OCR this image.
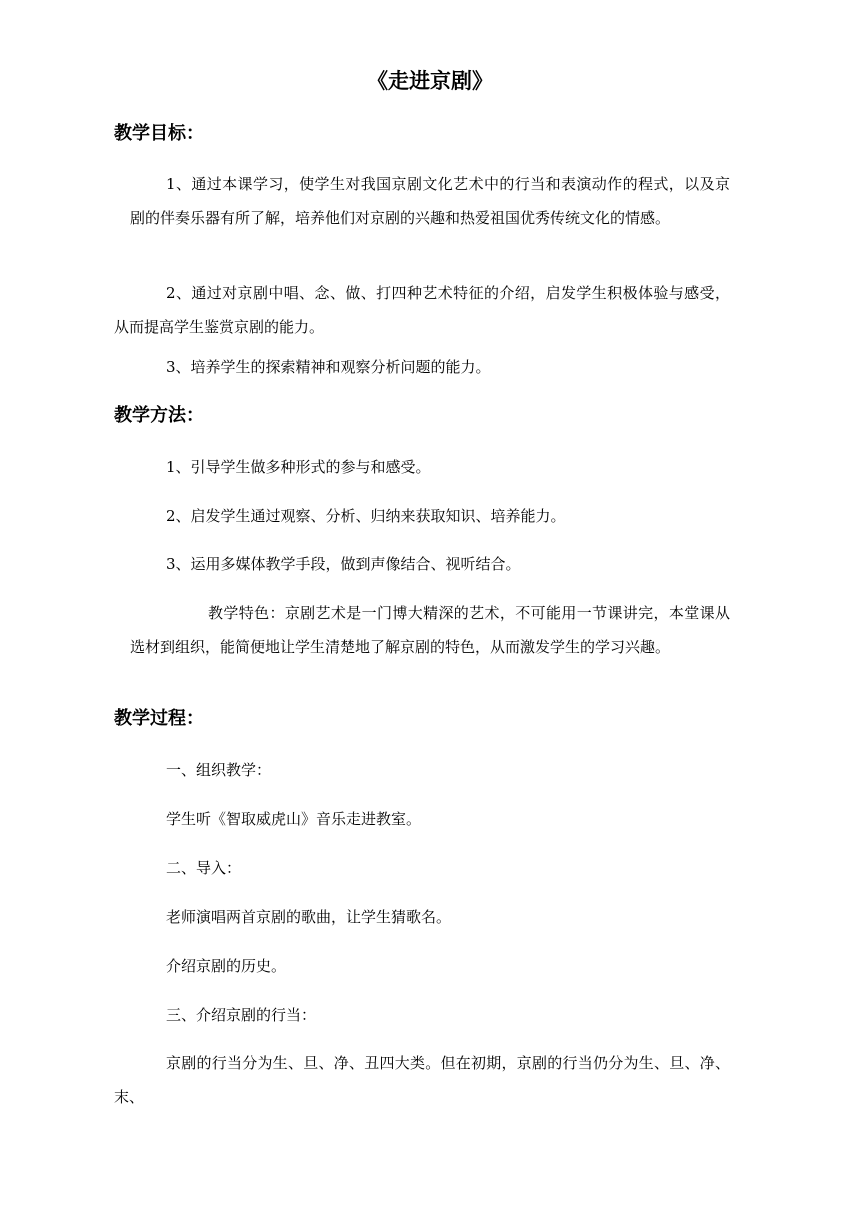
《走进京剧》
教学目标：
1、通过本课学习，使学生对我国京剧文化艺术中的行当和表演动作的程式，以及京剧的伴奏乐器有所了解，培养他们对京剧的兴趣和热爱祖国优秀传统文化的情感。
2、通过对京剧中唱、念、做、打四种艺术特征的介绍，启发学生积极体验与感受，从而提高学生鉴赏京剧的能力。
3、培养学生的探索精神和观察分析问题的能力。
教学方法：
1、引导学生做多种形式的参与和感受。
2、启发学生通过观察、分析、归纳来获取知识、培养能力。
3、运用多媒体教学手段，做到声像结合、视听结合。
教学特色：京剧艺术是一门博大精深的艺术，不可能用一节课讲完，本堂课从选材到组织，能简便地让学生清楚地了解京剧的特色，从而激发学生的学习兴趣。
教学过程：
一、组织教学：
学生听《智取威虎山》音乐走进教室。
二、导入：
老师演唱两首京剧的歌曲，让学生猜歌名。
介绍京剧的历史。
三、介绍京剧的行当：
京剧的行当分为生、旦、净、丑四大类。但在初期，京剧的行当仍分为生、旦、净、末、
